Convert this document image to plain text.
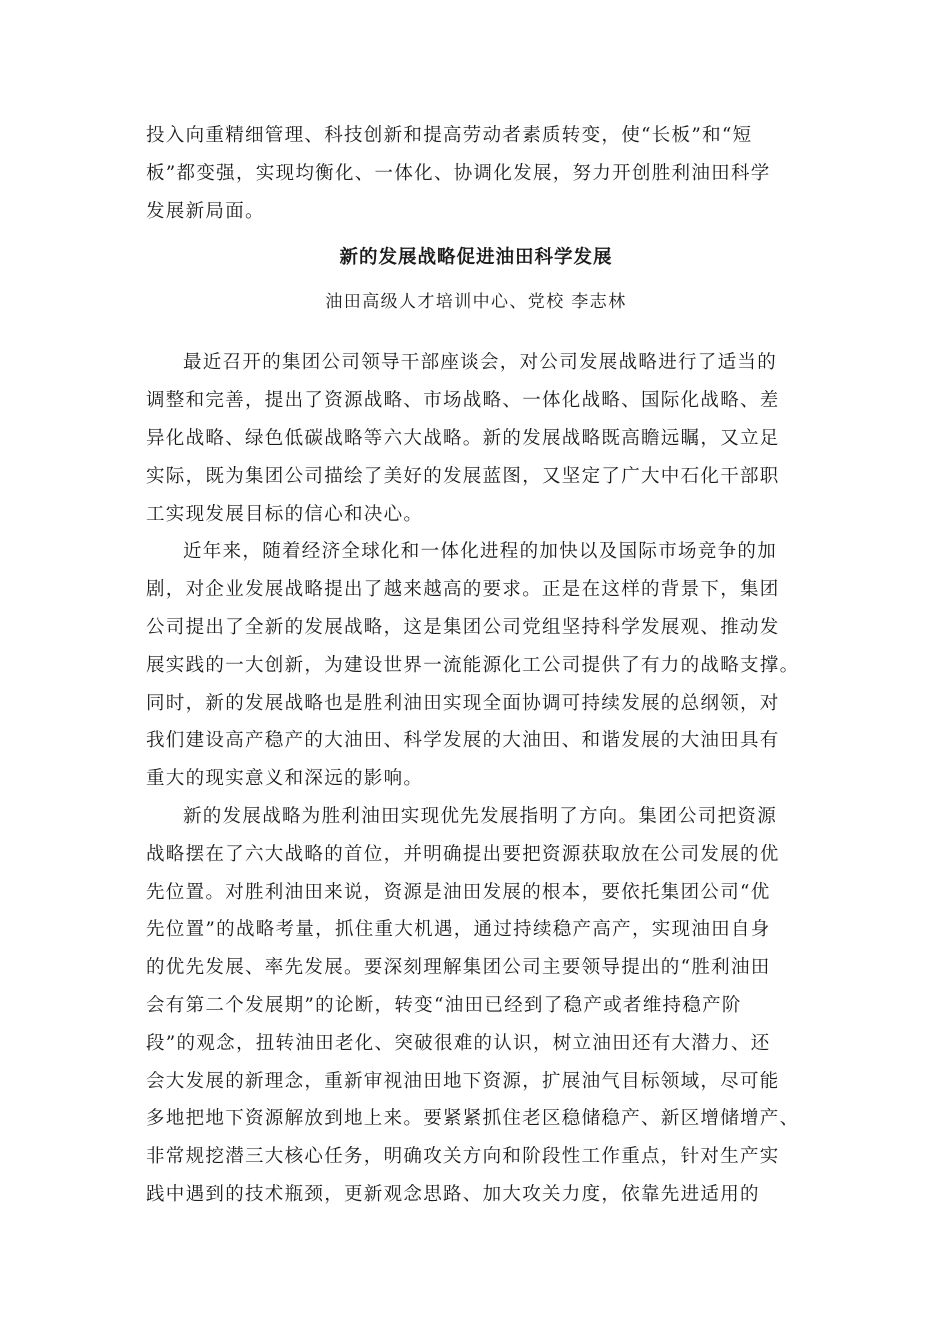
投入向重精细管理、科技创新和提高劳动者素质转变，使“长板”和“短
板”都变强，实现均衡化、一体化、协调化发展，努力开创胜利油田科学
发展新局面。
新的发展战略促进油田科学发展
油田高级人才培训中心、党校 李志林
最近召开的集团公司领导干部座谈会，对公司发展战略进行了适当的
调整和完善，提出了资源战略、市场战略、一体化战略、国际化战略、差
异化战略、绿色低碳战略等六大战略。新的发展战略既高瞻远瞩，又立足
实际，既为集团公司描绘了美好的发展蓝图，又坚定了广大中石化干部职
工实现发展目标的信心和决心。
近年来，随着经济全球化和一体化进程的加快以及国际市场竞争的加
剧，对企业发展战略提出了越来越高的要求。正是在这样的背景下，集团
公司提出了全新的发展战略，这是集团公司党组坚持科学发展观、推动发
展实践的一大创新，为建设世界一流能源化工公司提供了有力的战略支撑。
同时，新的发展战略也是胜利油田实现全面协调可持续发展的总纲领，对
我们建设高产稳产的大油田、科学发展的大油田、和谐发展的大油田具有
重大的现实意义和深远的影响。
新的发展战略为胜利油田实现优先发展指明了方向。集团公司把资源
战略摆在了六大战略的首位，并明确提出要把资源获取放在公司发展的优
先位置。对胜利油田来说，资源是油田发展的根本，要依托集团公司“优
先位置”的战略考量，抓住重大机遇，通过持续稳产高产，实现油田自身
的优先发展、率先发展。要深刻理解集团公司主要领导提出的“胜利油田
会有第二个发展期”的论断，转变“油田已经到了稳产或者维持稳产阶
段”的观念，扭转油田老化、突破很难的认识，树立油田还有大潜力、还
会大发展的新理念，重新审视油田地下资源，扩展油气目标领域，尽可能
多地把地下资源解放到地上来。要紧紧抓住老区稳储稳产、新区增储增产、
非常规挖潜三大核心任务，明确攻关方向和阶段性工作重点，针对生产实
践中遇到的技术瓶颈，更新观念思路、加大攻关力度，依靠先进适用的
